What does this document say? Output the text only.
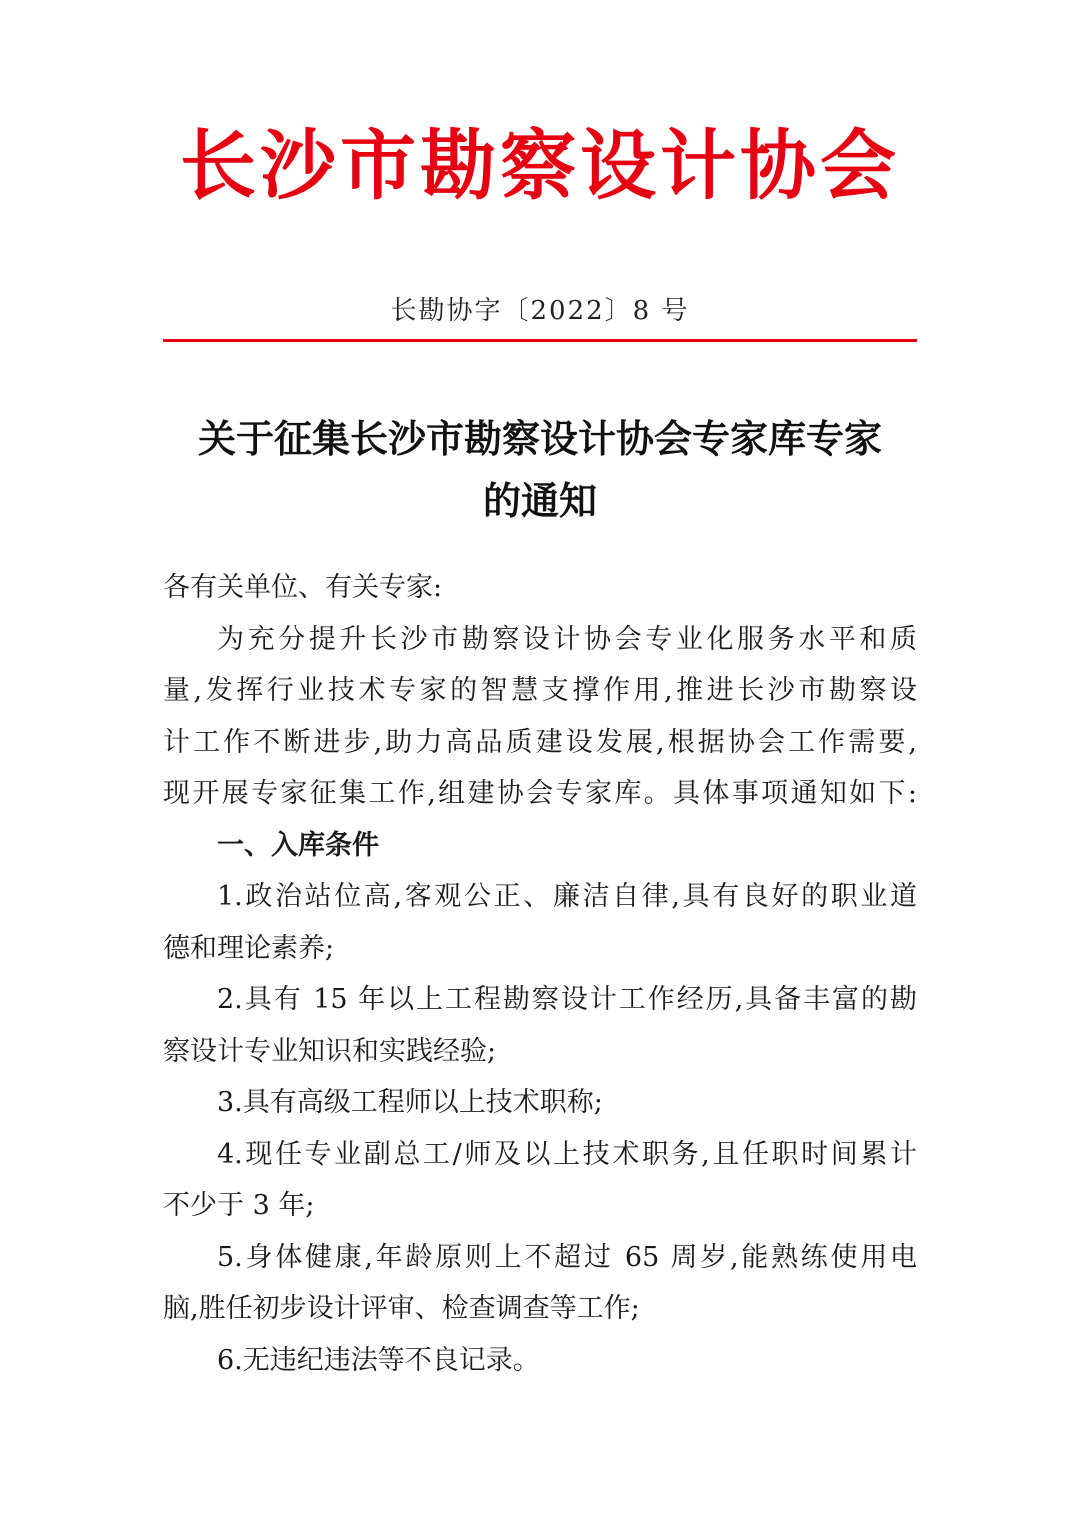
长沙市勘察设计协会
长勘协字〔2022〕8 号
关于征集长沙市勘察设计协会专家库专家
的通知
各有关单位、有关专家:
为充分提升长沙市勘察设计协会专业化服务水平和质
量,发挥行业技术专家的智慧支撑作用,推进长沙市勘察设
计工作不断进步,助力高品质建设发展,根据协会工作需要,
现开展专家征集工作,组建协会专家库。具体事项通知如下:
一、入库条件
1.政治站位高,客观公正、廉洁自律,具有良好的职业道
德和理论素养;
2.具有 15 年以上工程勘察设计工作经历,具备丰富的勘
察设计专业知识和实践经验;
3.具有高级工程师以上技术职称;
4.现任专业副总工/师及以上技术职务,且任职时间累计
不少于 3 年;
5.身体健康,年龄原则上不超过 65 周岁,能熟练使用电
脑,胜任初步设计评审、检查调查等工作;
6.无违纪违法等不良记录。
